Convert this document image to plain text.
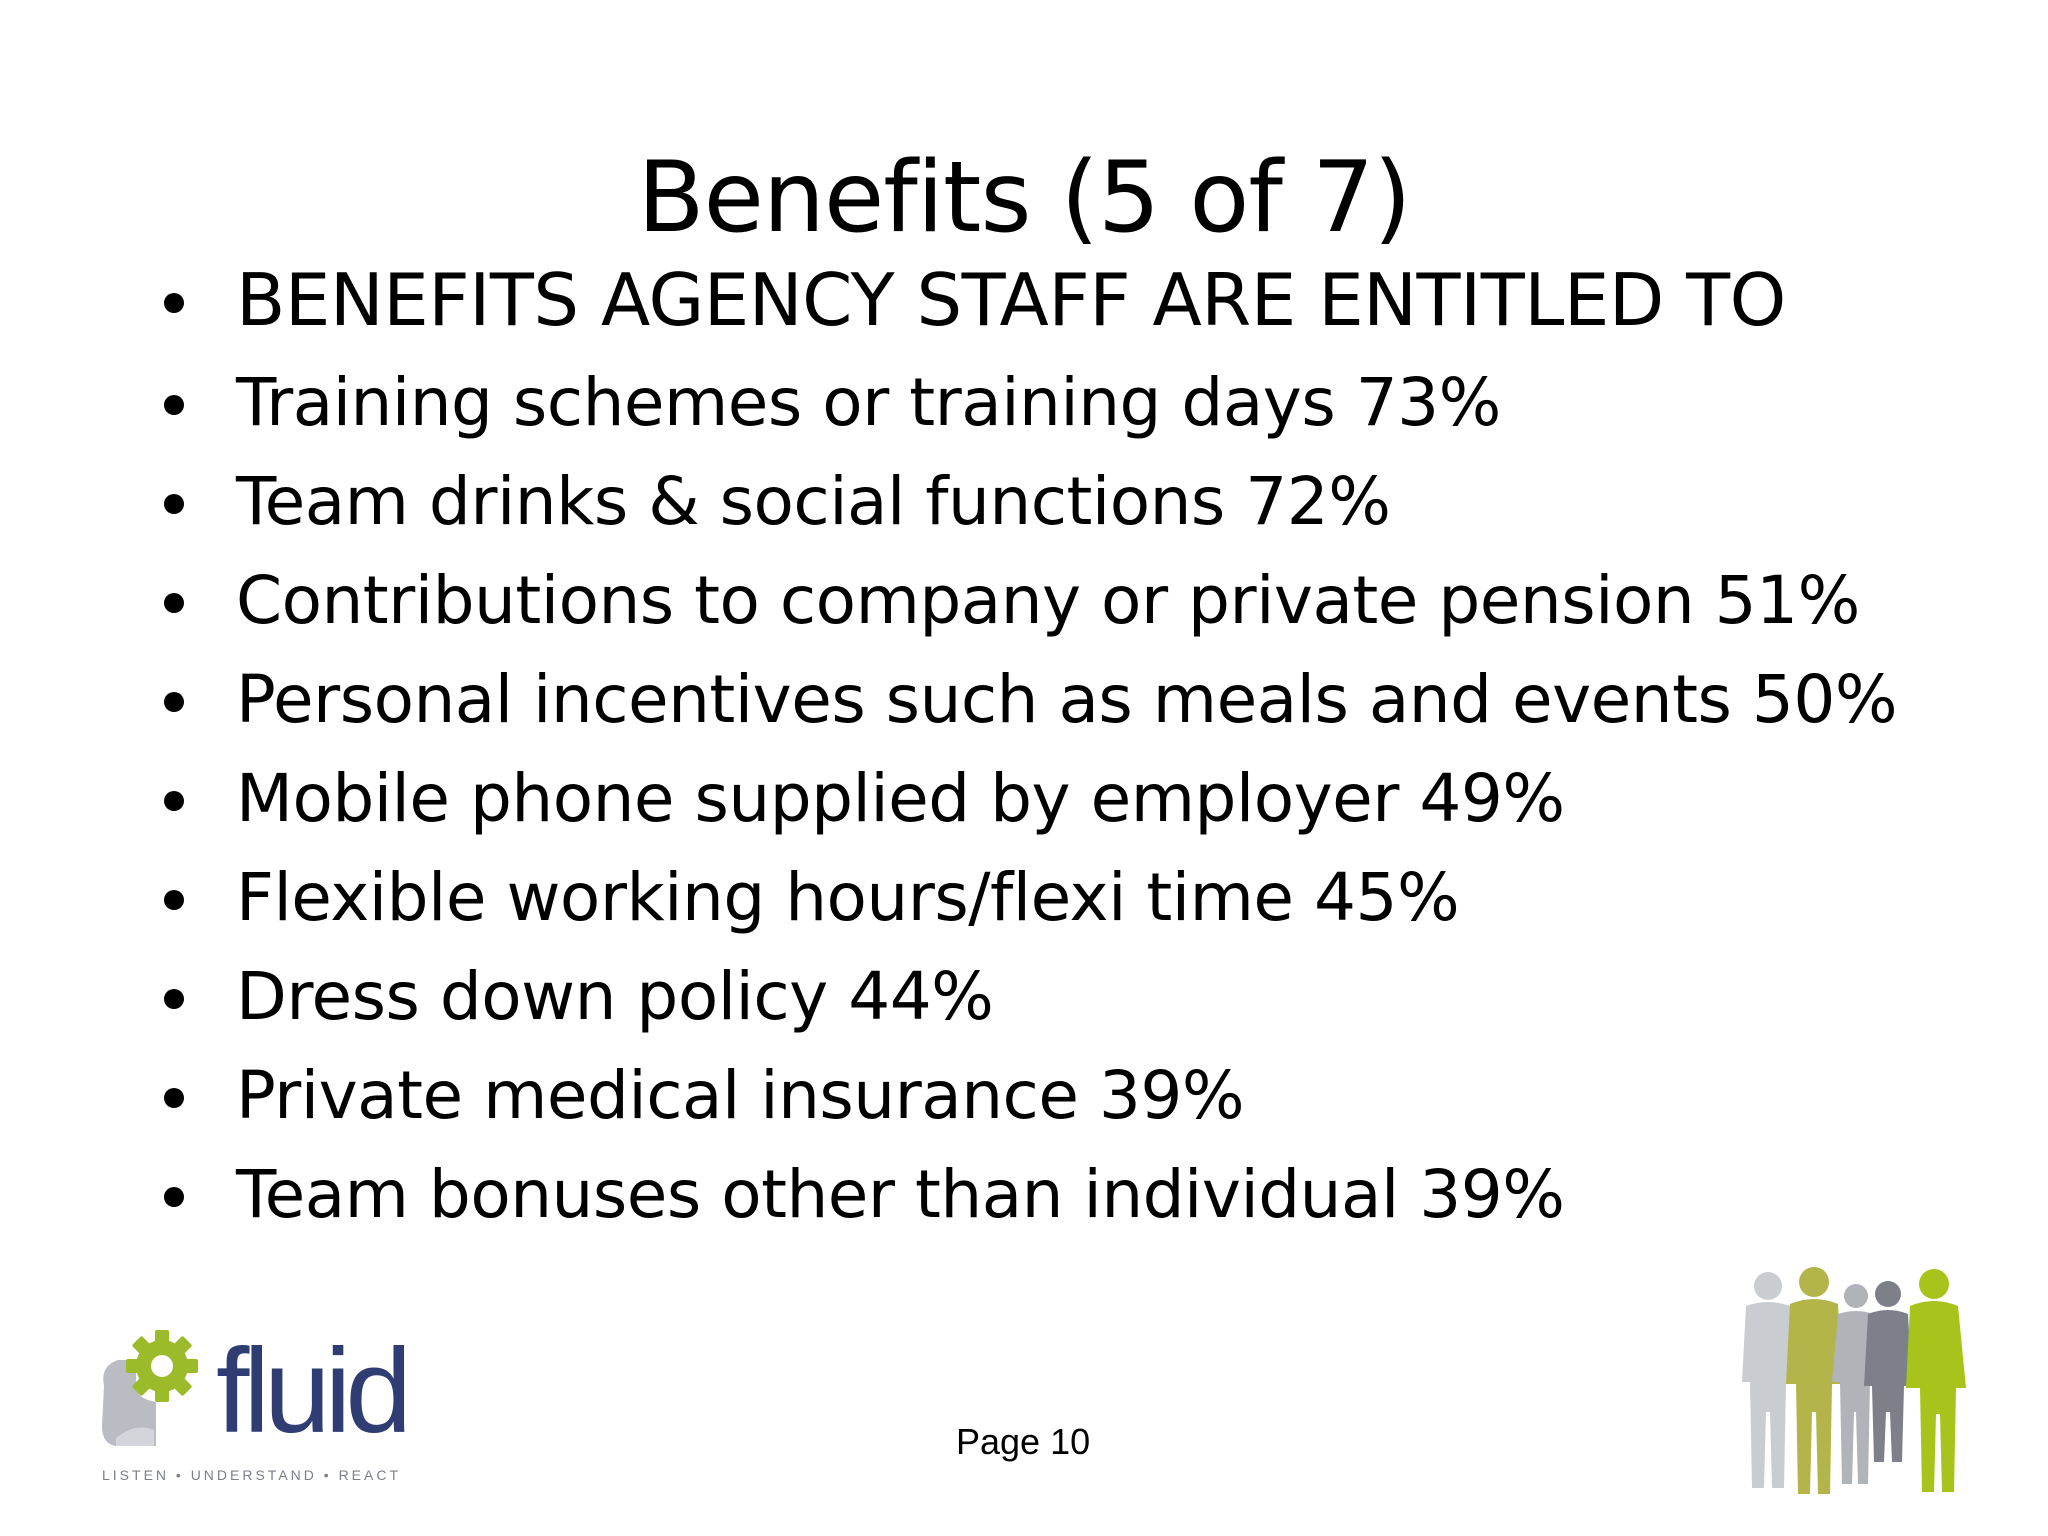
Benefits (5 of 7)
BENEFITS AGENCY STAFF ARE ENTITLED TO
Training schemes or training days 73%
Team drinks & social functions 72%
Contributions to company or private pension 51%
Personal incentives such as meals and events 50%
Mobile phone supplied by employer 49%
Flexible working hours/flexi time 45%
Dress down policy 44%
Private medical insurance 39%
Team bonuses other than individual 39%
fluid
LISTEN • UNDERSTAND • REACT
Page 10
